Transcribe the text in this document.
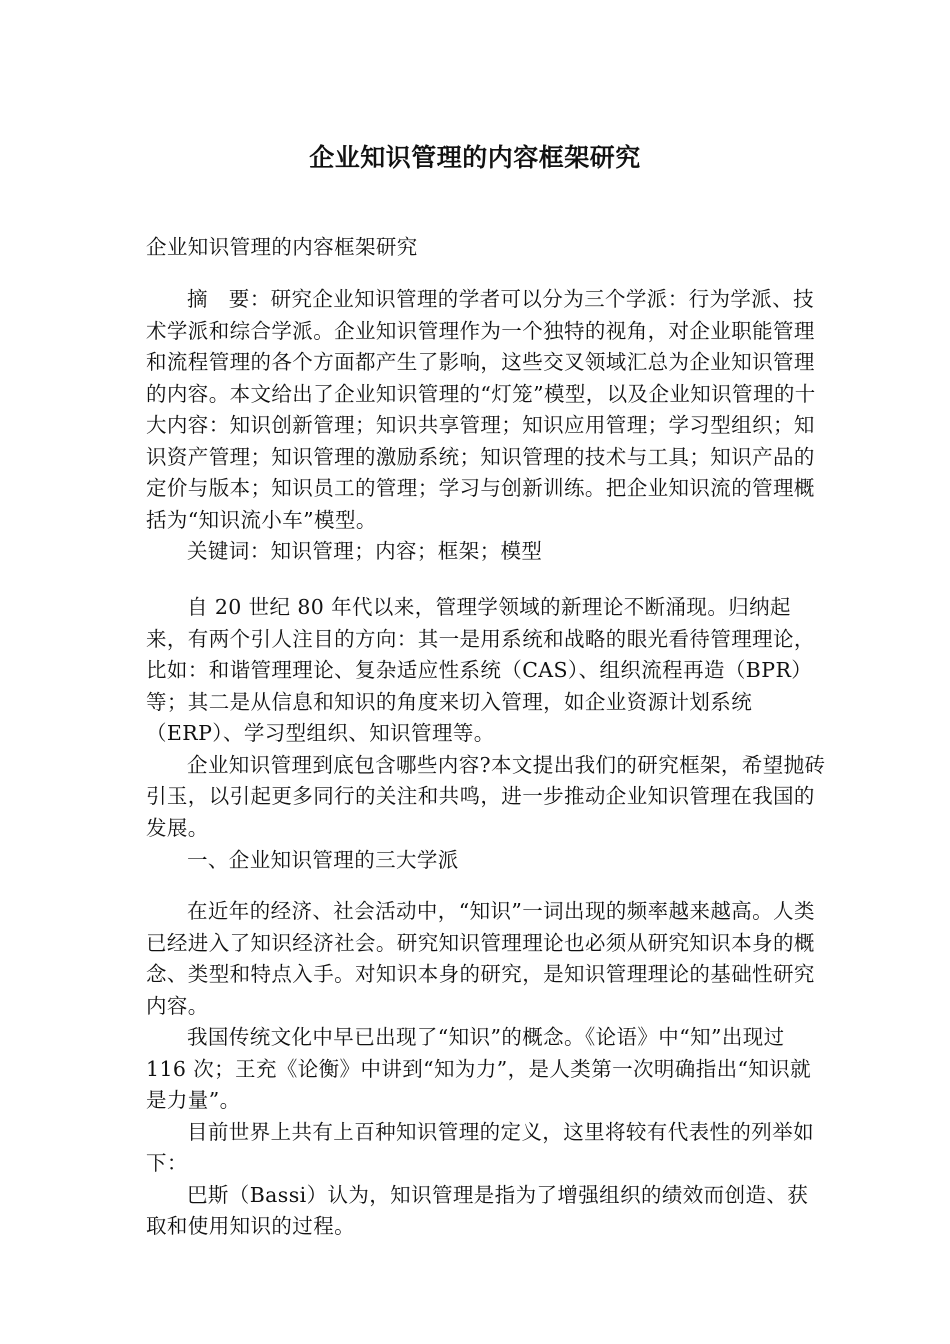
企业知识管理的内容框架研究

企业知识管理的内容框架研究

摘　要：研究企业知识管理的学者可以分为三个学派：行为学派、技术学派和综合学派。企业知识管理作为一个独特的视角，对企业职能管理和流程管理的各个方面都产生了影响，这些交叉领域汇总为企业知识管理的内容。本文给出了企业知识管理的“灯笼”模型，以及企业知识管理的十大内容：知识创新管理；知识共享管理；知识应用管理；学习型组织；知识资产管理；知识管理的激励系统；知识管理的技术与工具；知识产品的定价与版本；知识员工的管理；学习与创新训练。把企业知识流的管理概括为“知识流小车”模型。

关键词：知识管理；内容；框架；模型

自 20 世纪 80 年代以来，管理学领域的新理论不断涌现。归纳起来，有两个引人注目的方向：其一是用系统和战略的眼光看待管理理论，比如：和谐管理理论、复杂适应性系统（CAS）、组织流程再造（BPR）等；其二是从信息和知识的角度来切入管理，如企业资源计划系统（ERP）、学习型组织、知识管理等。

企业知识管理到底包含哪些内容?本文提出我们的研究框架，希望抛砖引玉，以引起更多同行的关注和共鸣，进一步推动企业知识管理在我国的发展。

一、企业知识管理的三大学派

在近年的经济、社会活动中，“知识”一词出现的频率越来越高。人类已经进入了知识经济社会。研究知识管理理论也必须从研究知识本身的概念、类型和特点入手。对知识本身的研究，是知识管理理论的基础性研究内容。

我国传统文化中早已出现了“知识”的概念。《论语》中“知”出现过 116 次；王充《论衡》中讲到“知为力”，是人类第一次明确指出“知识就是力量”。

目前世界上共有上百种知识管理的定义，这里将较有代表性的列举如下：

巴斯（Bassi）认为，知识管理是指为了增强组织的绩效而创造、获取和使用知识的过程。
